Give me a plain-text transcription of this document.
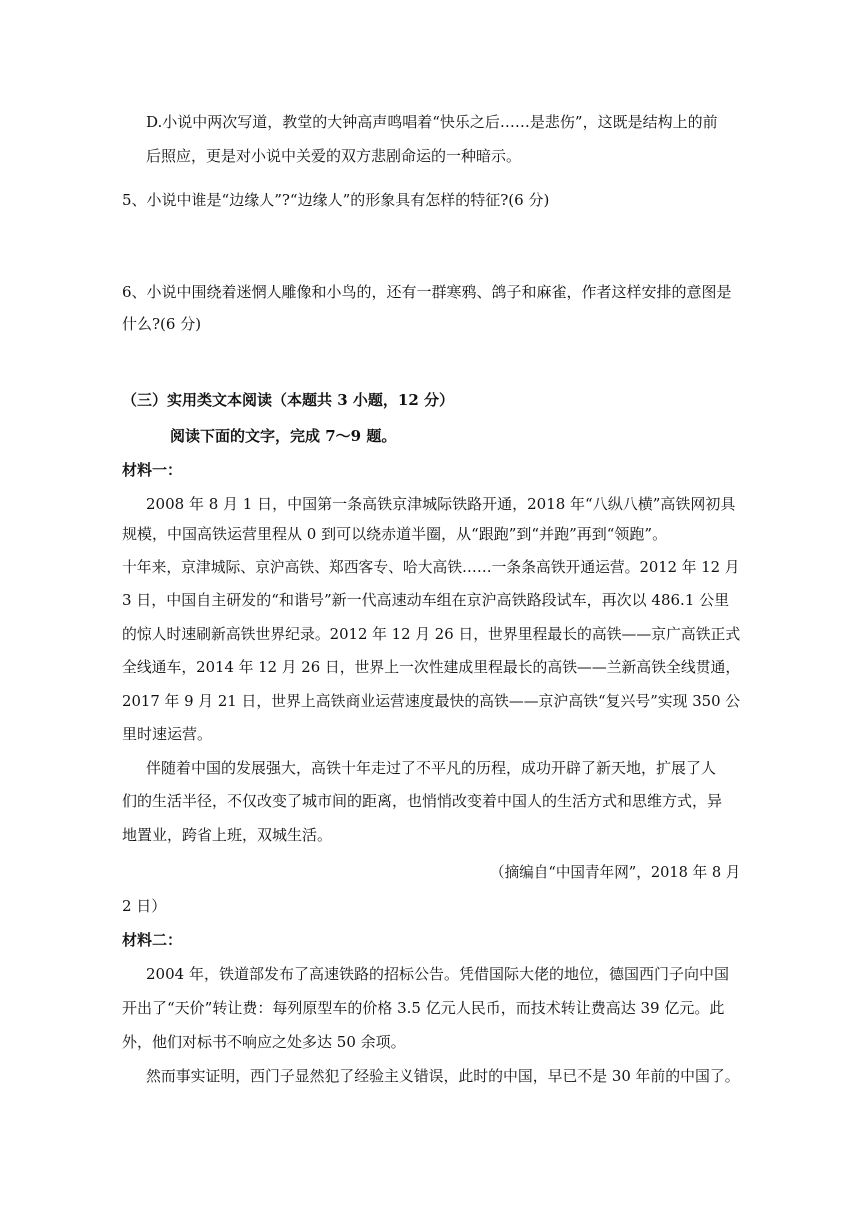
D.小说中两次写道，教堂的大钟高声鸣唱着“快乐之后……是悲伤”，这既是结构上的前
后照应，更是对小说中关爱的双方悲剧命运的一种暗示。
5、小说中谁是“边缘人”?“边缘人”的形象具有怎样的特征?(6 分)
6、小说中围绕着迷惘人雕像和小鸟的，还有一群寒鸦、鸽子和麻雀，作者这样安排的意图是
什么?(6 分)
（三）实用类文本阅读（本题共 3 小题，12 分）
阅读下面的文字，完成 7～9 题。
材料一：
2008 年 8 月 1 日，中国第一条高铁京津城际铁路开通，2018 年“八纵八横”高铁网初具
规模，中国高铁运营里程从 0 到可以绕赤道半圈，从“跟跑”到“并跑”再到“领跑”。
十年来，京津城际、京沪高铁、郑西客专、哈大高铁……一条条高铁开通运营。2012 年 12 月
3 日，中国自主研发的“和谐号”新一代高速动车组在京沪高铁路段试车，再次以 486.1 公里
的惊人时速刷新高铁世界纪录。2012 年 12 月 26 日，世界里程最长的高铁——京广高铁正式
全线通车，2014 年 12 月 26 日，世界上一次性建成里程最长的高铁——兰新高铁全线贯通，
2017 年 9 月 21 日，世界上高铁商业运营速度最快的高铁——京沪高铁“复兴号”实现 350 公
里时速运营。
伴随着中国的发展强大，高铁十年走过了不平凡的历程，成功开辟了新天地，扩展了人
们的生活半径，不仅改变了城市间的距离，也悄悄改变着中国人的生活方式和思维方式，异
地置业，跨省上班，双城生活。
（摘编自“中国青年网”，2018 年 8 月
2 日）
材料二：
2004 年，铁道部发布了高速铁路的招标公告。凭借国际大佬的地位，德国西门子向中国
开出了“天价”转让费：每列原型车的价格 3.5 亿元人民币，而技术转让费高达 39 亿元。此
外，他们对标书不响应之处多达 50 余项。
然而事实证明，西门子显然犯了经验主义错误，此时的中国，早已不是 30 年前的中国了。
